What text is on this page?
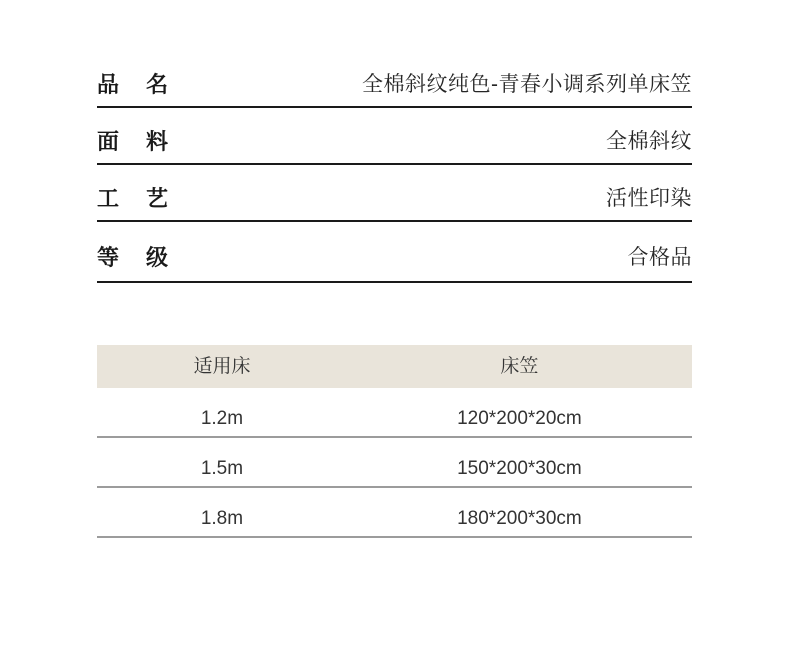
品名	全棉斜纹纯色-青春小调系列单床笠
面料	全棉斜纹
工艺	活性印染
等级	合格品
适用床	床笠
1.2m	120*200*20cm
1.5m	150*200*30cm
1.8m	180*200*30cm
